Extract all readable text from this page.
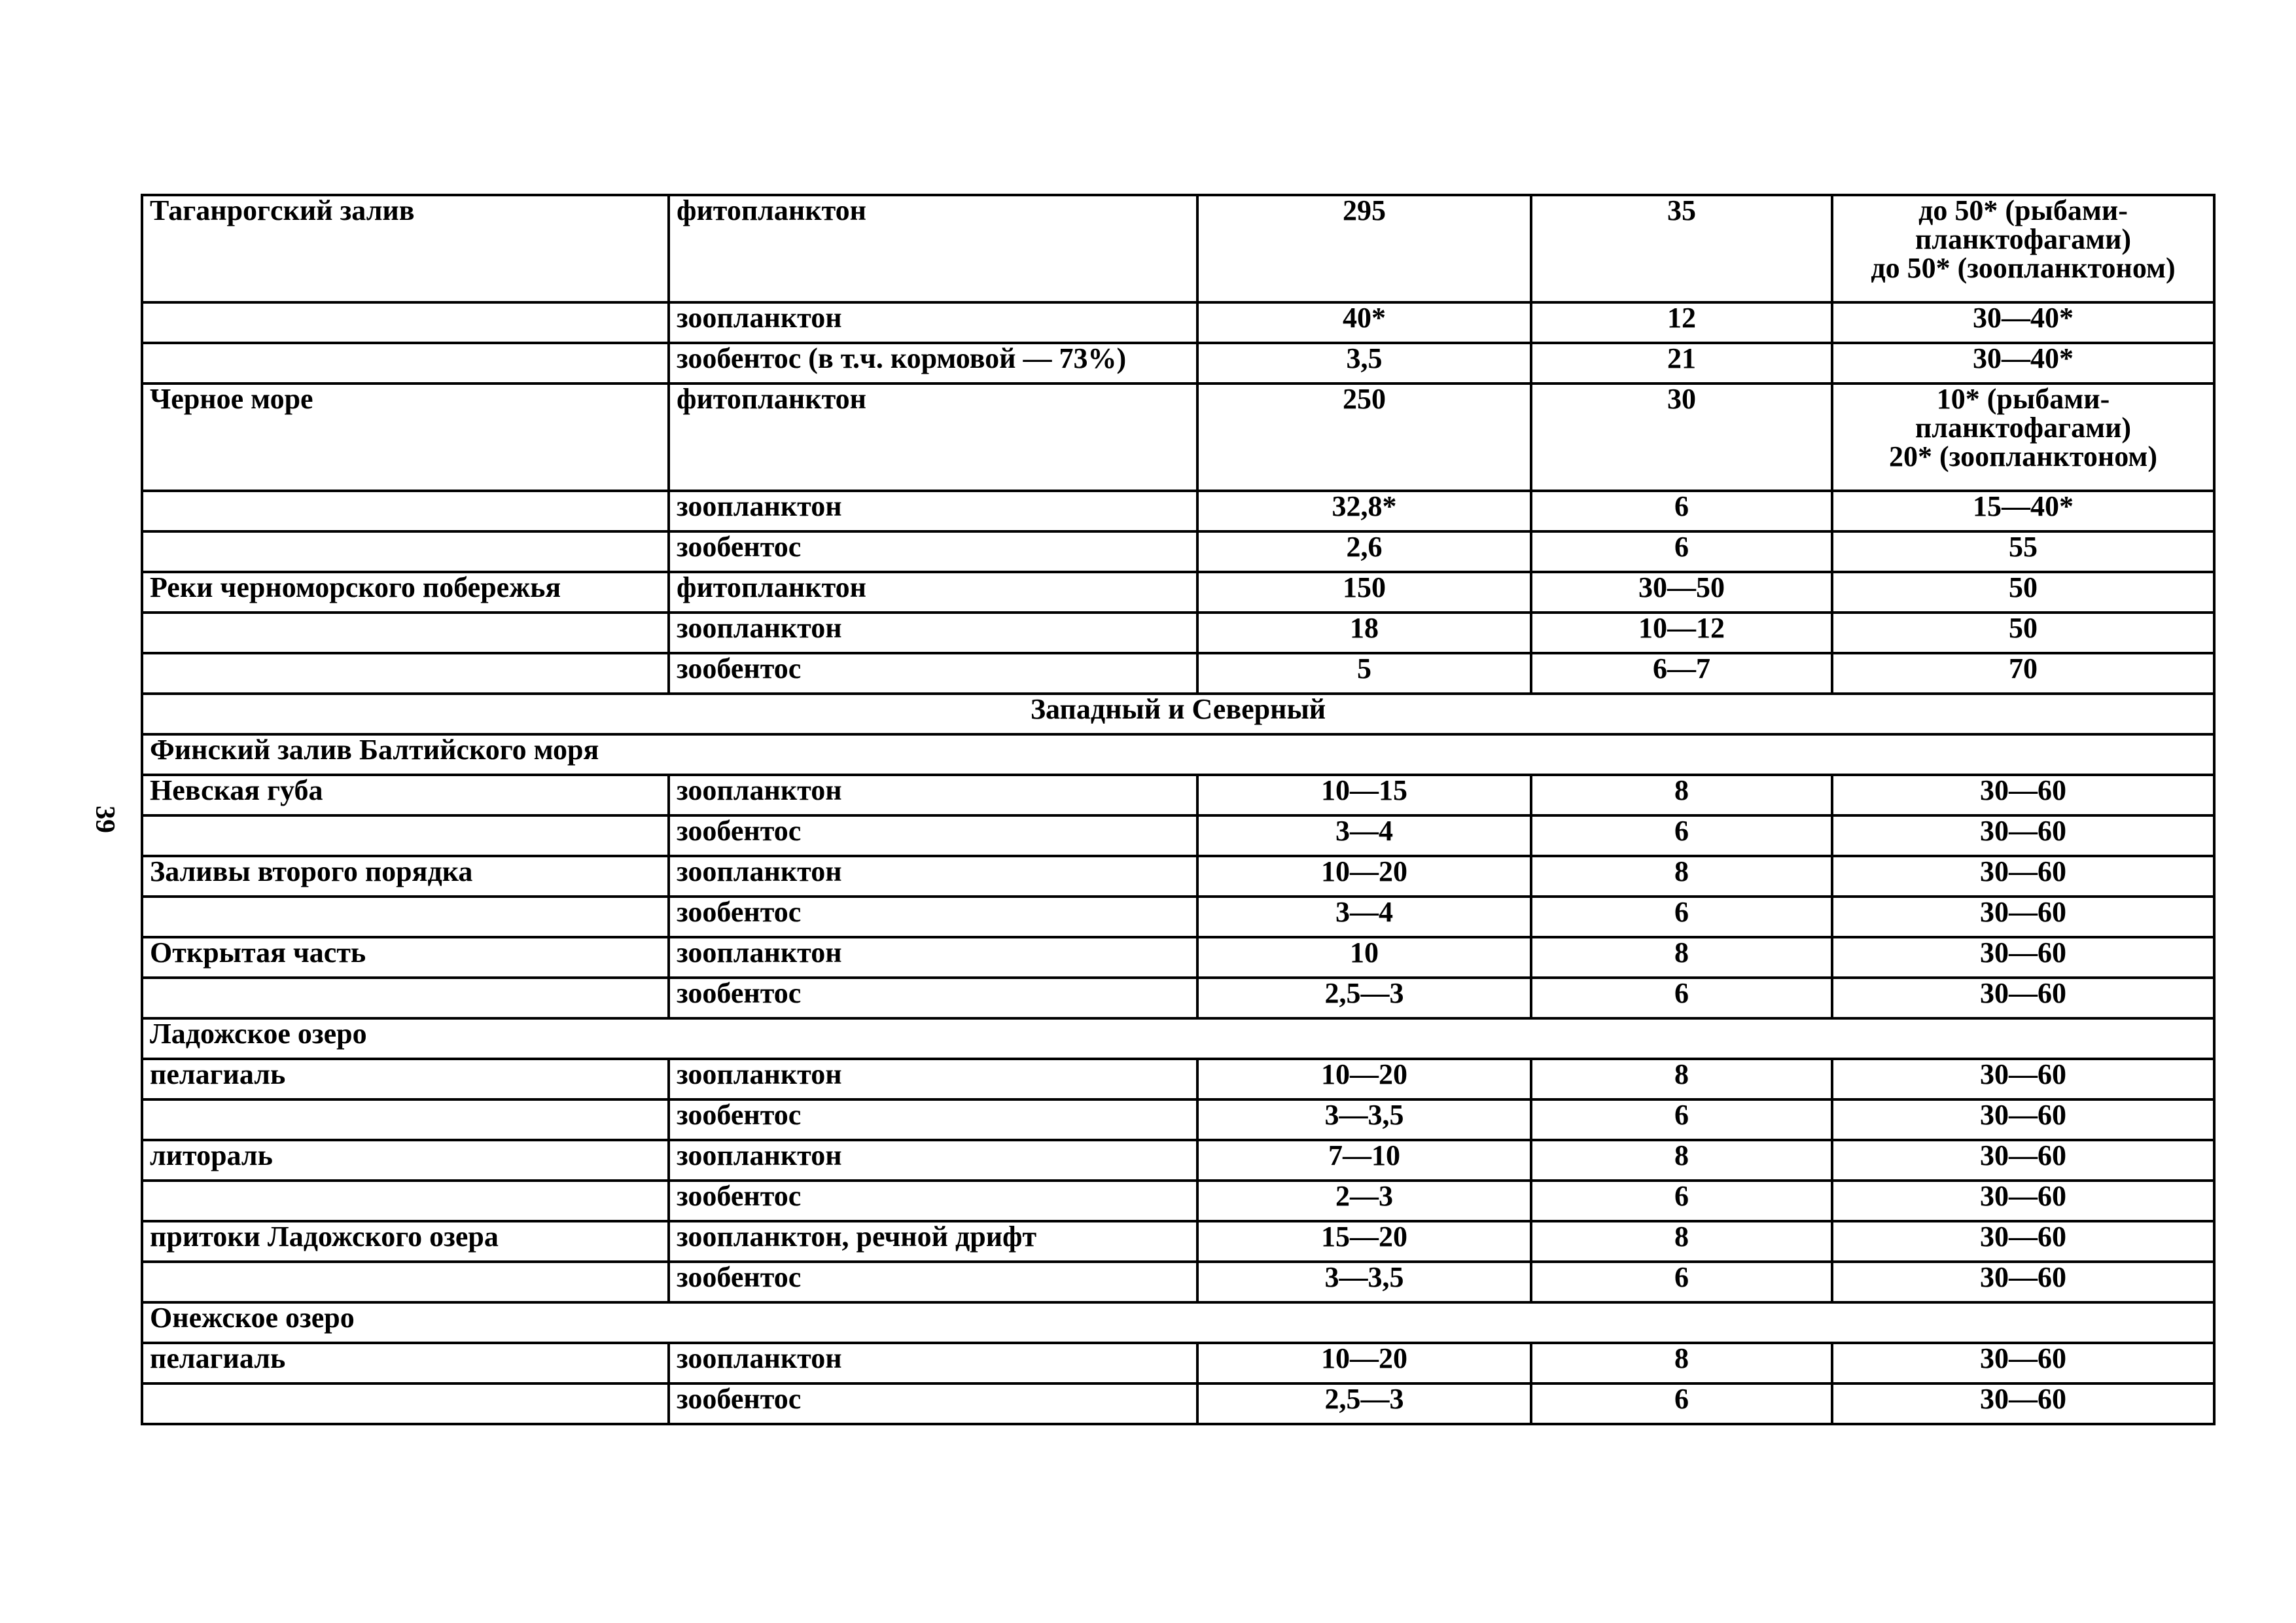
39
Таганрогский залив	фитопланктон	295	35	до 50* (рыбами-
планктофагами)
до 50* (зоопланктоном)

	зоопланктон	40*	12	30—40*

	зообентос (в т.ч. кормовой — 73%)	3,5	21	30—40*

Черное море	фитопланктон	250	30	10* (рыбами-
планктофагами)
20* (зоопланктоном)

	зоопланктон	32,8*	6	15—40*

	зообентос	2,6	6	55

Реки черноморского побережья	фитопланктон	150	30—50	50

	зоопланктон	18	10—12	50

	зообентос	5	6—7	70

Западный и Северный				
Финский залив Балтийского моря				
Невская губа	зоопланктон	10—15	8	30—60

	зообентос	3—4	6	30—60

Заливы второго порядка	зоопланктон	10—20	8	30—60

	зообентос	3—4	6	30—60

Открытая часть	зоопланктон	10	8	30—60

	зообентос	2,5—3	6	30—60

Ладожское озеро				
пелагиаль	зоопланктон	10—20	8	30—60

	зообентос	3—3,5	6	30—60

литораль	зоопланктон	7—10	8	30—60

	зообентос	2—3	6	30—60

притоки Ладожского озера	зоопланктон, речной дрифт	15—20	8	30—60

	зообентос	3—3,5	6	30—60

Онежское озеро				
пелагиаль	зоопланктон	10—20	8	30—60

	зообентос	2,5—3	6	30—60
